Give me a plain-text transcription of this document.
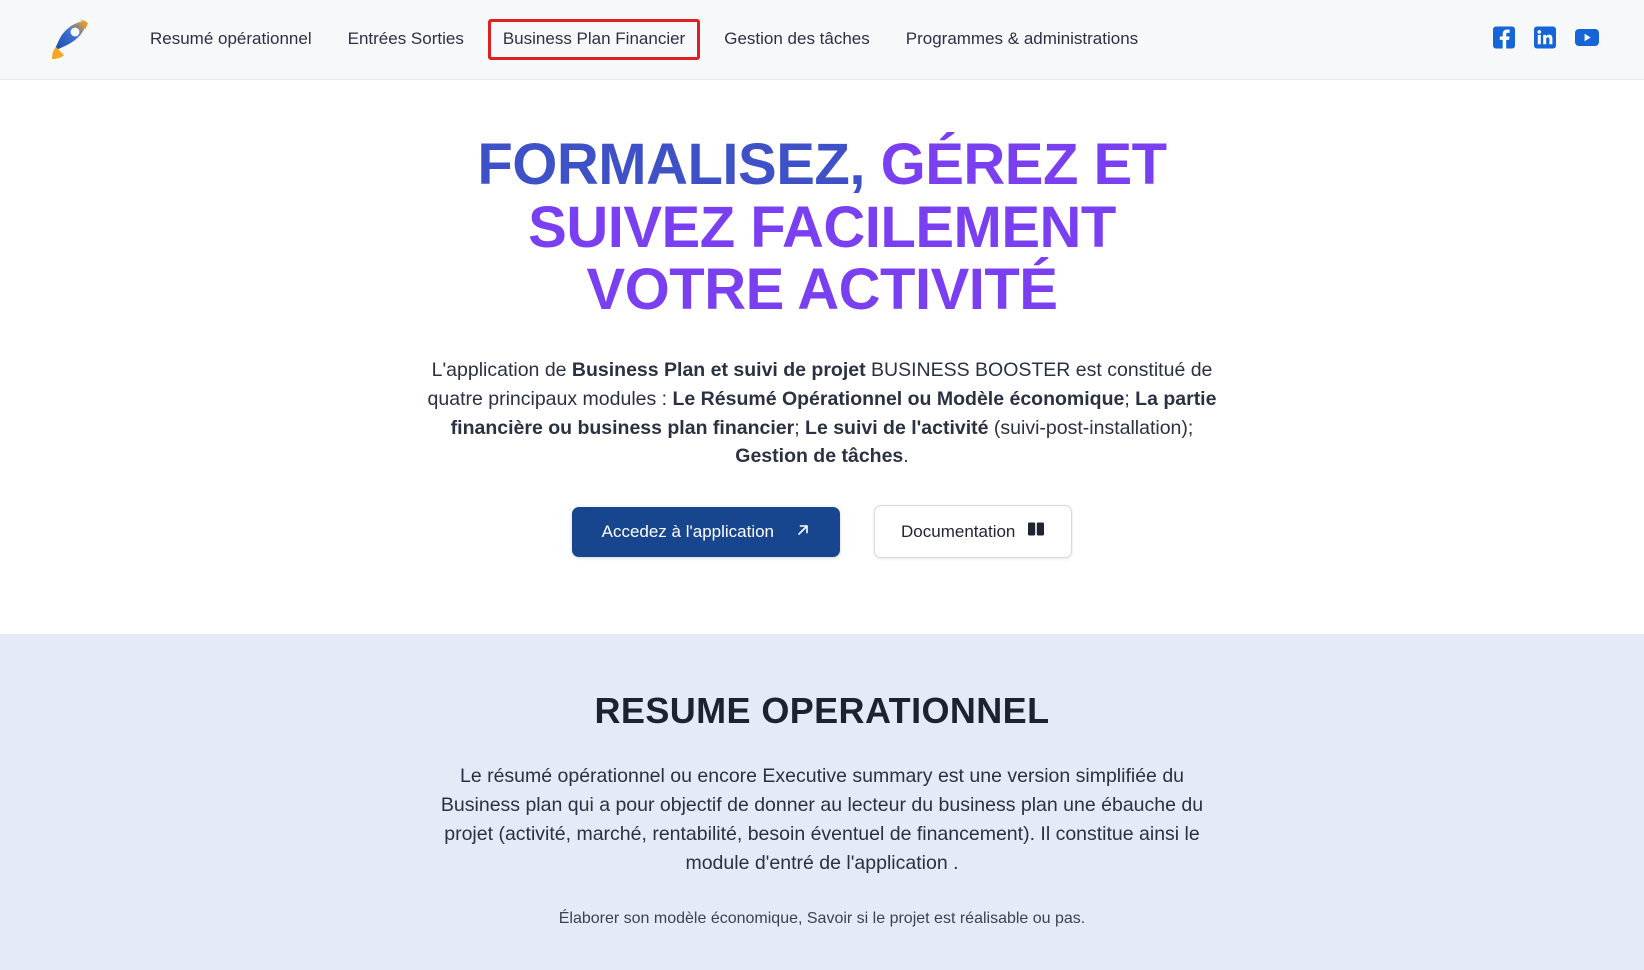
Resumé opérationnel	Entrées Sorties	Business Plan Financier	Gestion des tâches	Programmes & administrations
FORMALISEZ, GÉREZ ET SUIVEZ FACILEMENT VOTRE ACTIVITÉ

L'application de Business Plan et suivi de projet BUSINESS BOOSTER est constitué de quatre principaux modules : Le Résumé Opérationnel ou Modèle économique; La partie financière ou business plan financier; Le suivi de l'activité (suivi-post-installation); Gestion de tâches.

Accedez à l'application	Documentation
RESUME OPERATIONNEL

Le résumé opérationnel ou encore Executive summary est une version simplifiée du Business plan qui a pour objectif de donner au lecteur du business plan une ébauche du projet (activité, marché, rentabilité, besoin éventuel de financement). Il constitue ainsi le module d'entré de l'application .

Élaborer son modèle économique, Savoir si le projet est réalisable ou pas.
